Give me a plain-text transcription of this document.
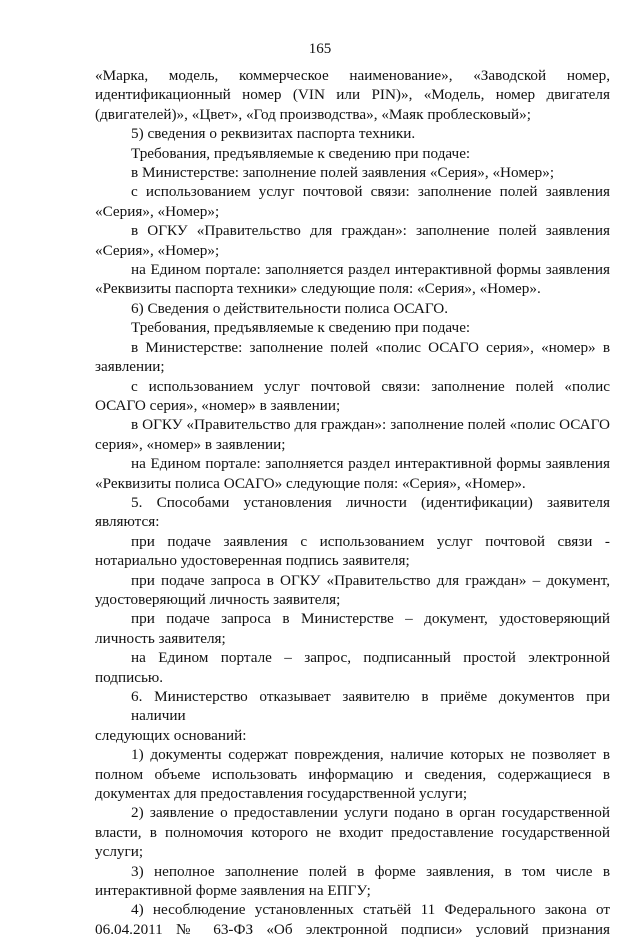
165

«Марка, модель, коммерческое наименование», «Заводской номер,

идентификационный номер (VIN или PIN)», «Модель, номер двигателя

(двигателей)», «Цвет», «Год производства», «Маяк проблесковый»;

5) сведения о реквизитах паспорта техники.

Требования, предъявляемые к сведению при подаче:

в Министерстве: заполнение полей заявления «Серия», «Номер»;

с использованием услуг почтовой связи: заполнение полей заявления

«Серия», «Номер»;

в ОГКУ «Правительство для граждан»: заполнение полей заявления

«Серия», «Номер»;

на Едином портале: заполняется раздел интерактивной формы заявления

«Реквизиты паспорта техники» следующие поля: «Серия», «Номер».

6) Сведения о действительности полиса ОСАГО.

Требования, предъявляемые к сведению при подаче:

в Министерстве: заполнение полей «полис ОСАГО серия», «номер» в

заявлении;

с использованием услуг почтовой связи: заполнение полей «полис

ОСАГО серия», «номер» в заявлении;

в ОГКУ «Правительство для граждан»: заполнение полей «полис ОСАГО

серия», «номер» в заявлении;

на Едином портале: заполняется раздел интерактивной формы заявления

«Реквизиты полиса ОСАГО» следующие поля: «Серия», «Номер».

5. Способами установления личности (идентификации) заявителя

являются:

при подаче заявления с использованием услуг почтовой связи -

нотариально удостоверенная подпись заявителя;

при подаче запроса в ОГКУ «Правительство для граждан» – документ,

удостоверяющий личность заявителя;

при подаче запроса в Министерстве – документ, удостоверяющий

личность заявителя;

на Едином портале – запрос, подписанный простой электронной

подписью.

6. Министерство отказывает заявителю в приёме документов при наличии

следующих оснований:

1) документы содержат повреждения, наличие которых не позволяет в

полном объеме использовать информацию и сведения, содержащиеся в

документах для предоставления государственной услуги;

2) заявление о предоставлении услуги подано в орган государственной

власти, в полномочия которого не входит предоставление государственной

услуги;

3) неполное заполнение полей в форме заявления, в том числе в

интерактивной форме заявления на ЕПГУ;

4) несоблюдение установленных статьёй 11 Федерального закона от

06.04.2011 № 63-ФЗ «Об электронной подписи» условий признания
